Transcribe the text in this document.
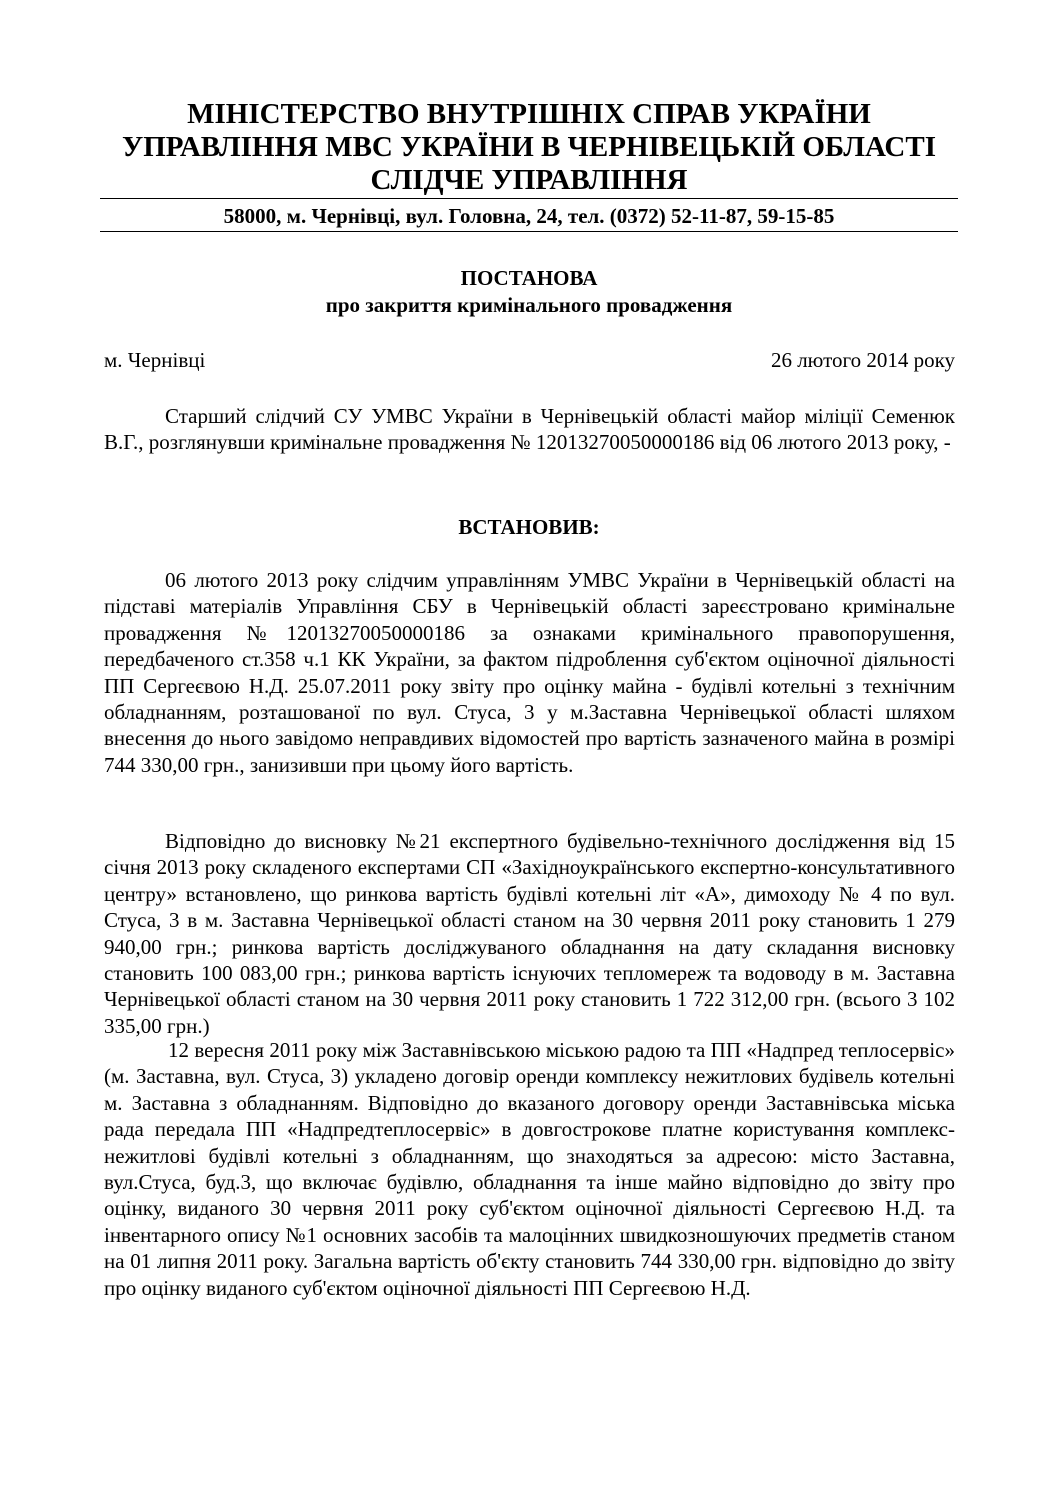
МІНІСТЕРСТВО ВНУТРІШНІХ СПРАВ УКРАЇНИ
УПРАВЛІННЯ МВС УКРАЇНИ В ЧЕРНІВЕЦЬКІЙ ОБЛАСТІ
СЛІДЧЕ УПРАВЛІННЯ
58000, м. Чернівці, вул. Головна, 24, тел. (0372) 52-11-87, 59-15-85
ПОСТАНОВА
про закриття кримінального провадження
м. Чернівці	26 лютого 2014 року
Старший слідчий СУ УМВС України в Чернівецькій області майор міліції Семенюк В.Г., розглянувши кримінальне провадження № 12013270050000186 від 06 лютого 2013 року, -
ВСТАНОВИВ:
06 лютого 2013 року слідчим управлінням УМВС України в Чернівецькій області на підставі матеріалів Управління СБУ в Чернівецькій області зареєстровано кримінальне провадження №12013270050000186 за ознаками кримінального правопорушення, передбаченого ст.358 ч.1 КК України, за фактом підроблення суб'єктом оціночної діяльності ПП Сергеєвою Н.Д. 25.07.2011 року звіту про оцінку майна - будівлі котельні з технічним обладнанням, розташованої по вул. Стуса, 3 у м.Заставна Чернівецької області шляхом внесення до нього завідомо неправдивих відомостей про вартість зазначеного майна в розмірі 744 330,00 грн., занизивши при цьому його вартість.
Відповідно до висновку №21 експертного будівельно-технічного дослідження від 15 січня 2013 року складеного експертами СП «Західноукраїнського експертно-консультативного центру» встановлено, що ринкова вартість будівлі котельні літ «А», димоходу № 4 по вул. Стуса, 3 в м. Заставна Чернівецької області станом на 30 червня 2011 року становить 1 279 940,00 грн.; ринкова вартість досліджуваного обладнання на дату складання висновку становить 100 083,00 грн.; ринкова вартість існуючих тепломереж та водоводу в м. Заставна Чернівецької області станом на 30 червня 2011 року становить 1 722 312,00 грн. (всього 3 102 335,00 грн.)
12 вересня 2011 року між Заставнівською міською радою та ПП «Надпред теплосервіс» (м. Заставна, вул. Стуса, 3) укладено договір оренди комплексу нежитлових будівель котельні м. Заставна з обладнанням. Відповідно до вказаного договору оренди Заставнівська міська рада передала ПП «Надпредтеплосервіс» в довгострокове платне користування комплекс-нежитлові будівлі котельні з обладнанням, що знаходяться за адресою: місто Заставна, вул.Стуса, буд.3, що включає будівлю, обладнання та інше майно відповідно до звіту про оцінку, виданого 30 червня 2011 року суб'єктом оціночної діяльності Сергеєвою Н.Д. та інвентарного опису №1 основних засобів та малоцінних швидкозношуючих предметів станом на 01 липня 2011 року. Загальна вартість об'єкту становить 744 330,00 грн. відповідно до звіту про оцінку виданого суб'єктом оціночної діяльності ПП Сергеєвою Н.Д.
